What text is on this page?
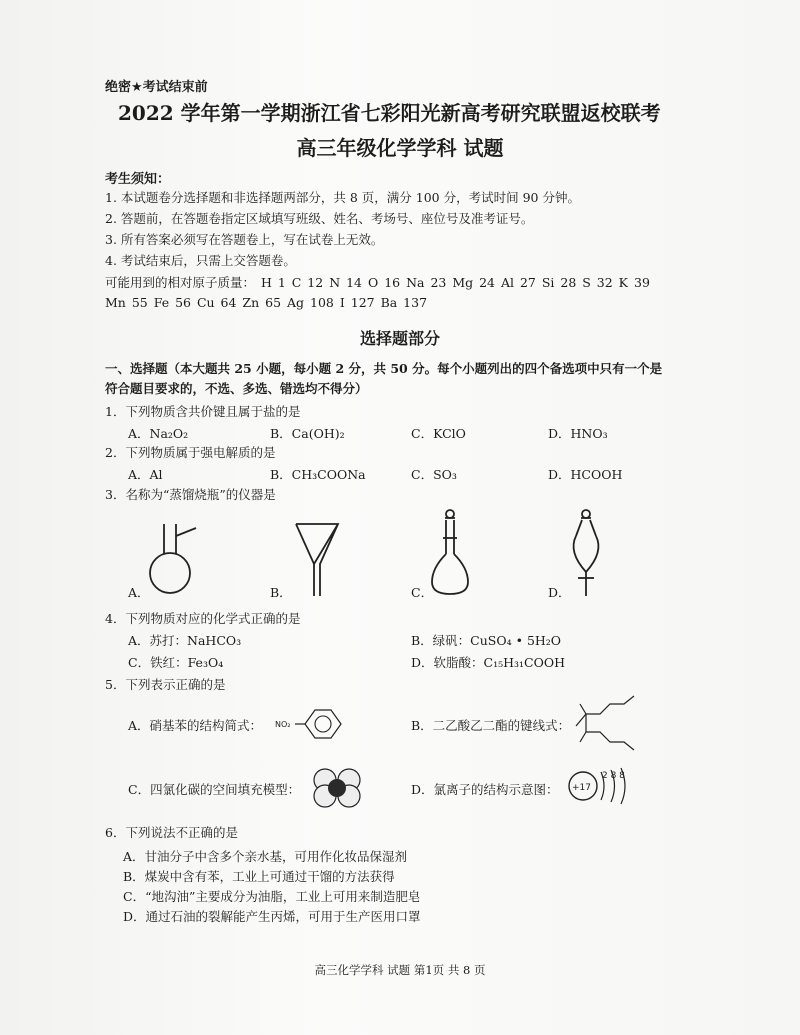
绝密★考试结束前
2022 学年第一学期浙江省七彩阳光新高考研究联盟返校联考
高三年级化学学科 试题
考生须知：
1. 本试题卷分选择题和非选择题两部分，共 8 页，满分 100 分，考试时间 90 分钟。
2. 答题前，在答题卷指定区域填写班级、姓名、考场号、座位号及准考证号。
3. 所有答案必须写在答题卷上，写在试卷上无效。
4. 考试结束后，只需上交答题卷。
可能用到的相对原子质量： H 1 C 12 N 14 O 16 Na 23 Mg 24 Al 27 Si 28 S 32 K 39
Mn 55 Fe 56 Cu 64 Zn 65 Ag 108 I 127 Ba 137
选择题部分
一、选择题（本大题共 25 小题，每小题 2 分，共 50 分。每个小题列出的四个备选项中只有一个是
符合题目要求的，不选、多选、错选均不得分）
1．下列物质含共价键且属于盐的是
A．Na₂O₂	B．Ca(OH)₂	C．KClO	D．HNO₃
2．下列物质属于强电解质的是
A．Al	B．CH₃COONa	C．SO₃	D．HCOOH
3．名称为“蒸馏烧瓶”的仪器是
A．	B．	C．	D．
4．下列物质对应的化学式正确的是
A．苏打：NaHCO₃	B．绿矾：CuSO₄ • 5H₂O
C．铁红：Fe₃O₄	D．软脂酸：C₁₅H₃₁COOH
5．下列表示正确的是
A．硝基苯的结构简式： NO₂	B．二乙酸乙二酯的键线式：
C．四氯化碳的空间填充模型：	D．氯离子的结构示意图： +17
2 8 8
6．下列说法不正确的是
A．甘油分子中含多个亲水基，可用作化妆品保湿剂
B．煤炭中含有苯，工业上可通过干馏的方法获得
C．“地沟油”主要成分为油脂，工业上可用来制造肥皂
D．通过石油的裂解能产生丙烯，可用于生产医用口罩
高三化学学科 试题 第1页 共 8 页
